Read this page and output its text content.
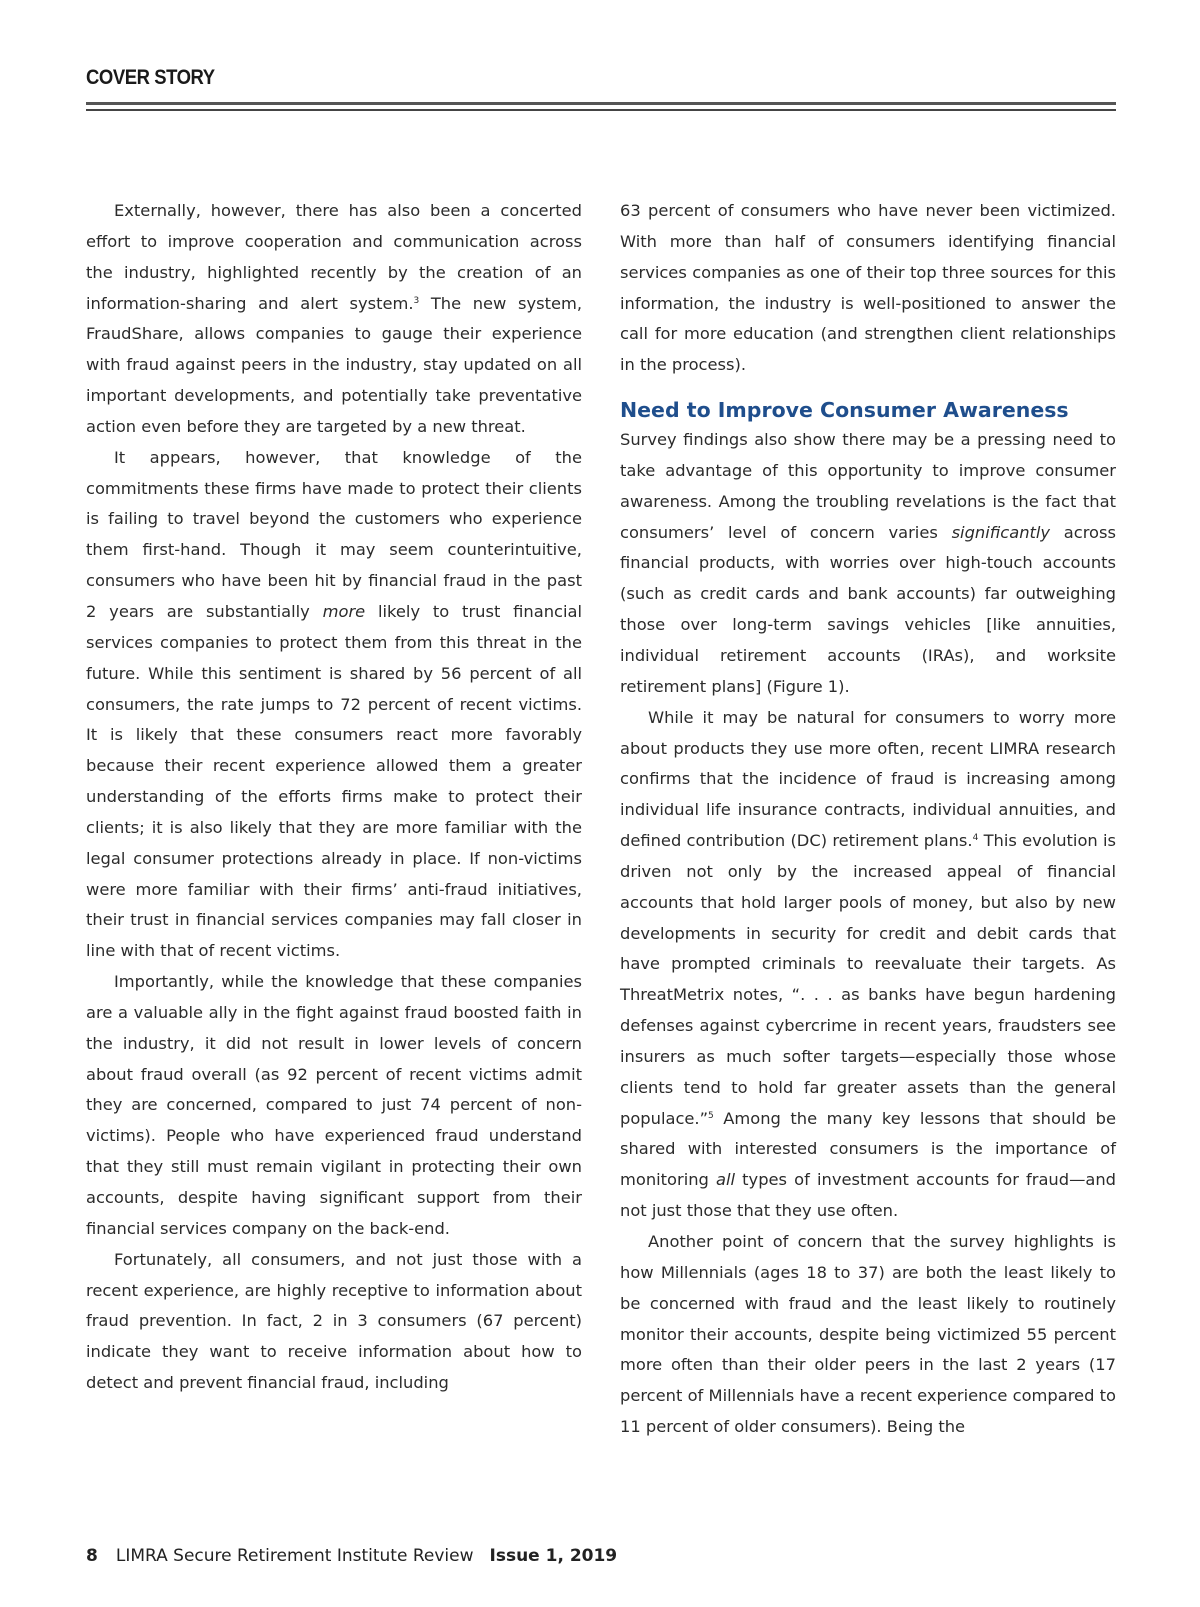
COVER STORY

Externally, however, there has also been a concerted effort to improve cooperation and communication across the industry, highlighted recently by the creation of an information-sharing and alert system.$^3$ The new system, FraudShare, allows companies to gauge their experience with fraud against peers in the industry, stay updated on all important developments, and potentially take preventative action even before they are targeted by a new threat.

It appears, however, that knowledge of the commitments these firms have made to protect their clients is failing to travel beyond the customers who experience them first-hand. Though it may seem counterintuitive, consumers who have been hit by financial fraud in the past 2 years are substantially more likely to trust financial services companies to protect them from this threat in the future. While this sentiment is shared by 56 percent of all consumers, the rate jumps to 72 percent of recent victims. It is likely that these consumers react more favorably because their recent experience allowed them a greater understanding of the efforts firms make to protect their clients; it is also likely that they are more familiar with the legal consumer protections already in place. If non-victims were more familiar with their firms’ anti-fraud initiatives, their trust in financial services companies may fall closer in line with that of recent victims.

Importantly, while the knowledge that these companies are a valuable ally in the fight against fraud boosted faith in the industry, it did not result in lower levels of concern about fraud overall (as 92 percent of recent victims admit they are concerned, compared to just 74 percent of non-victims). People who have experienced fraud understand that they still must remain vigilant in protecting their own accounts, despite having significant support from their financial services company on the back-end.

Fortunately, all consumers, and not just those with a recent experience, are highly receptive to information about fraud prevention. In fact, 2 in 3 consumers (67 percent) indicate they want to receive information about how to detect and prevent financial fraud, including

63 percent of consumers who have never been victimized. With more than half of consumers identifying financial services companies as one of their top three sources for this information, the industry is well-positioned to answer the call for more education (and strengthen client relationships in the process).

Need to Improve Consumer Awareness

Survey findings also show there may be a pressing need to take advantage of this opportunity to improve consumer awareness. Among the troubling revelations is the fact that consumers’ level of concern varies significantly across financial products, with worries over high-touch accounts (such as credit cards and bank accounts) far outweighing those over long-term savings vehicles [like annuities, individual retirement accounts (IRAs), and worksite retirement plans] (Figure 1).

While it may be natural for consumers to worry more about products they use more often, recent LIMRA research confirms that the incidence of fraud is increasing among individual life insurance contracts, individual annuities, and defined contribution (DC) retirement plans.$^4$ This evolution is driven not only by the increased appeal of financial accounts that hold larger pools of money, but also by new developments in security for credit and debit cards that have prompted criminals to reevaluate their targets. As ThreatMetrix notes, “. . . as banks have begun hardening defenses against cybercrime in recent years, fraudsters see insurers as much softer targets—especially those whose clients tend to hold far greater assets than the general populace.”$^5$ Among the many key lessons that should be shared with interested consumers is the importance of monitoring all types of investment accounts for fraud—and not just those that they use often.

Another point of concern that the survey highlights is how Millennials (ages 18 to 37) are both the least likely to be concerned with fraud and the least likely to routinely monitor their accounts, despite being victimized 55 percent more often than their older peers in the last 2 years (17 percent of Millennials have a recent experience compared to 11 percent of older consumers). Being the

8 LIMRA Secure Retirement Institute Review Issue 1, 2019
